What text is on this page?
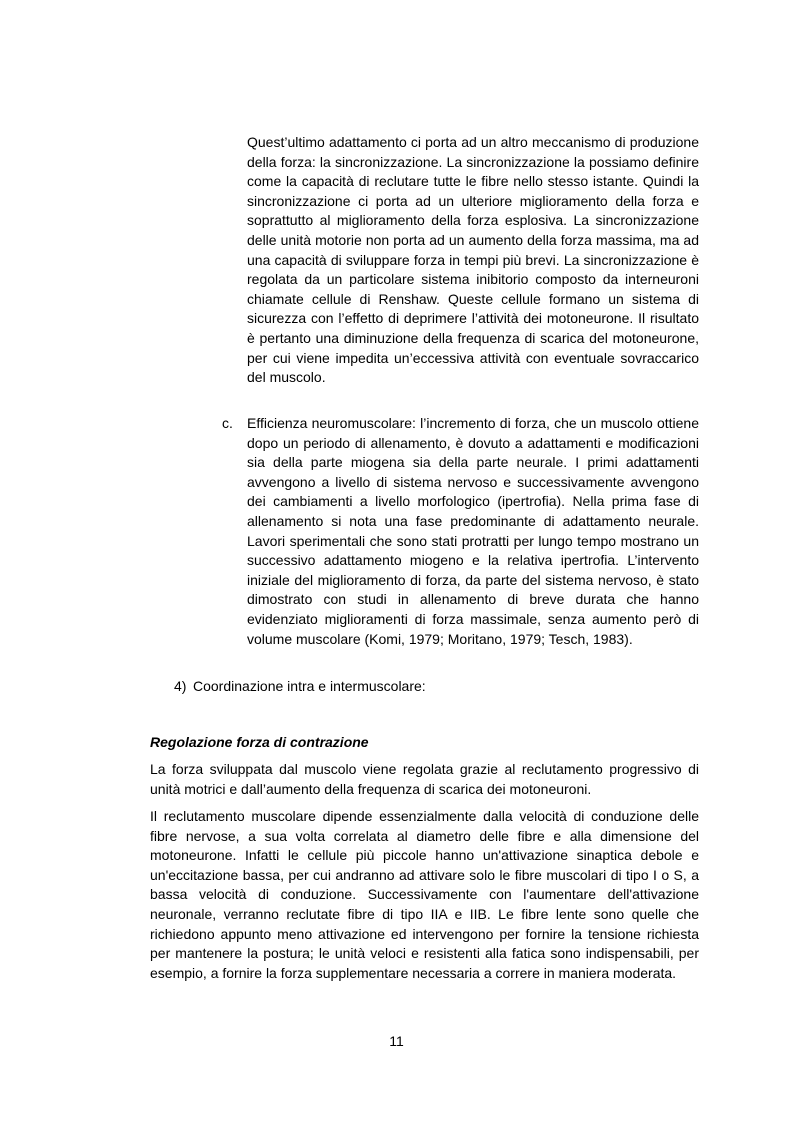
Quest’ultimo adattamento ci porta ad un altro meccanismo di produzione della forza: la sincronizzazione. La sincronizzazione la possiamo definire come la capacità di reclutare tutte le fibre nello stesso istante. Quindi la sincronizzazione ci porta ad un ulteriore miglioramento della forza e soprattutto al miglioramento della forza esplosiva. La sincronizzazione delle unità motorie non porta ad un aumento della forza massima, ma ad una capacità di sviluppare forza in tempi più brevi. La sincronizzazione è regolata da un particolare sistema inibitorio composto da interneuroni chiamate cellule di Renshaw. Queste cellule formano un sistema di sicurezza con l’effetto di deprimere l’attività dei motoneurone. Il risultato è pertanto una diminuzione della frequenza di scarica del motoneurone, per cui viene impedita un’eccessiva attività con eventuale sovraccarico del muscolo.

c. Efficienza neuromuscolare: l’incremento di forza, che un muscolo ottiene dopo un periodo di allenamento, è dovuto a adattamenti e modificazioni sia della parte miogena sia della parte neurale. I primi adattamenti avvengono a livello di sistema nervoso e successivamente avvengono dei cambiamenti a livello morfologico (ipertrofia). Nella prima fase di allenamento si nota una fase predominante di adattamento neurale. Lavori sperimentali che sono stati protratti per lungo tempo mostrano un successivo adattamento miogeno e la relativa ipertrofia. L’intervento iniziale del miglioramento di forza, da parte del sistema nervoso, è stato dimostrato con studi in allenamento di breve durata che hanno evidenziato miglioramenti di forza massimale, senza aumento però di volume muscolare (Komi, 1979; Moritano, 1979; Tesch, 1983).

4) Coordinazione intra e intermuscolare:
Regolazione forza di contrazione

La forza sviluppata dal muscolo viene regolata grazie al reclutamento progressivo di unità motrici e dall’aumento della frequenza di scarica dei motoneuroni.

Il reclutamento muscolare dipende essenzialmente dalla velocità di conduzione delle fibre nervose, a sua volta correlata al diametro delle fibre e alla dimensione del motoneurone. Infatti le cellule più piccole hanno un'attivazione sinaptica debole e un'eccitazione bassa, per cui andranno ad attivare solo le fibre muscolari di tipo I o S, a bassa velocità di conduzione. Successivamente con l'aumentare dell'attivazione neuronale, verranno reclutate fibre di tipo IIA e IIB. Le fibre lente sono quelle che richiedono appunto meno attivazione ed intervengono per fornire la tensione richiesta per mantenere la postura; le unità veloci e resistenti alla fatica sono indispensabili, per esempio, a fornire la forza supplementare necessaria a correre in maniera moderata.

11
